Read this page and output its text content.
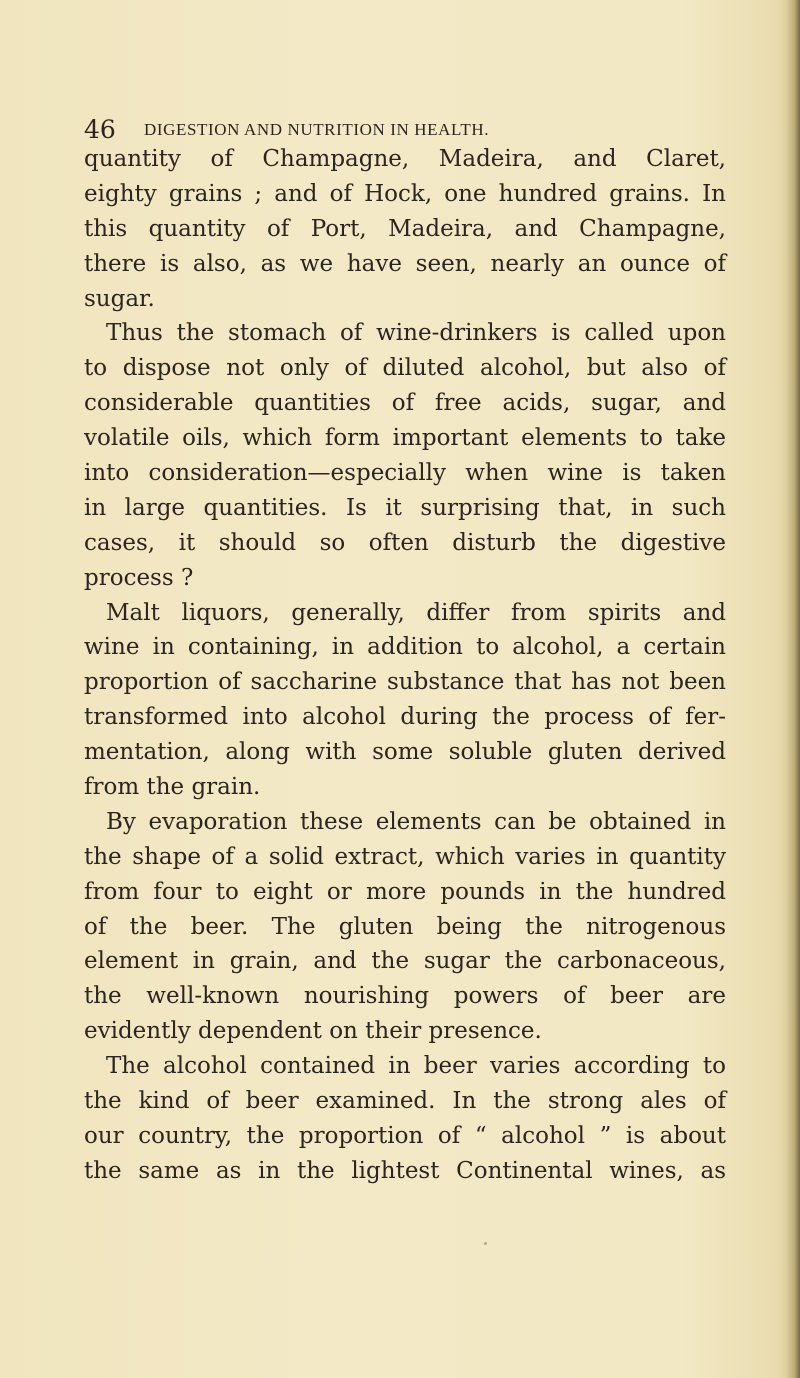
46 DIGESTION AND NUTRITION IN HEALTH.
quantity of Champagne, Madeira, and Claret,
eighty grains ; and of Hock, one hundred grains. In
this quantity of Port, Madeira, and Champagne,
there is also, as we have seen, nearly an ounce of
sugar.
Thus the stomach of wine-drinkers is called upon
to dispose not only of diluted alcohol, but also of
considerable quantities of free acids, sugar, and
volatile oils, which form important elements to take
into consideration—especially when wine is taken
in large quantities. Is it surprising that, in such
cases, it should so often disturb the digestive
process ?
Malt liquors, generally, differ from spirits and
wine in containing, in addition to alcohol, a certain
proportion of saccharine substance that has not been
transformed into alcohol during the process of fer-
mentation, along with some soluble gluten derived
from the grain.
By evaporation these elements can be obtained in
the shape of a solid extract, which varies in quantity
from four to eight or more pounds in the hundred
of the beer. The gluten being the nitrogenous
element in grain, and the sugar the carbonaceous,
the well-known nourishing powers of beer are
evidently dependent on their presence.
The alcohol contained in beer varies according to
the kind of beer examined. In the strong ales of
our country, the proportion of “ alcohol ” is about
the same as in the lightest Continental wines, as
